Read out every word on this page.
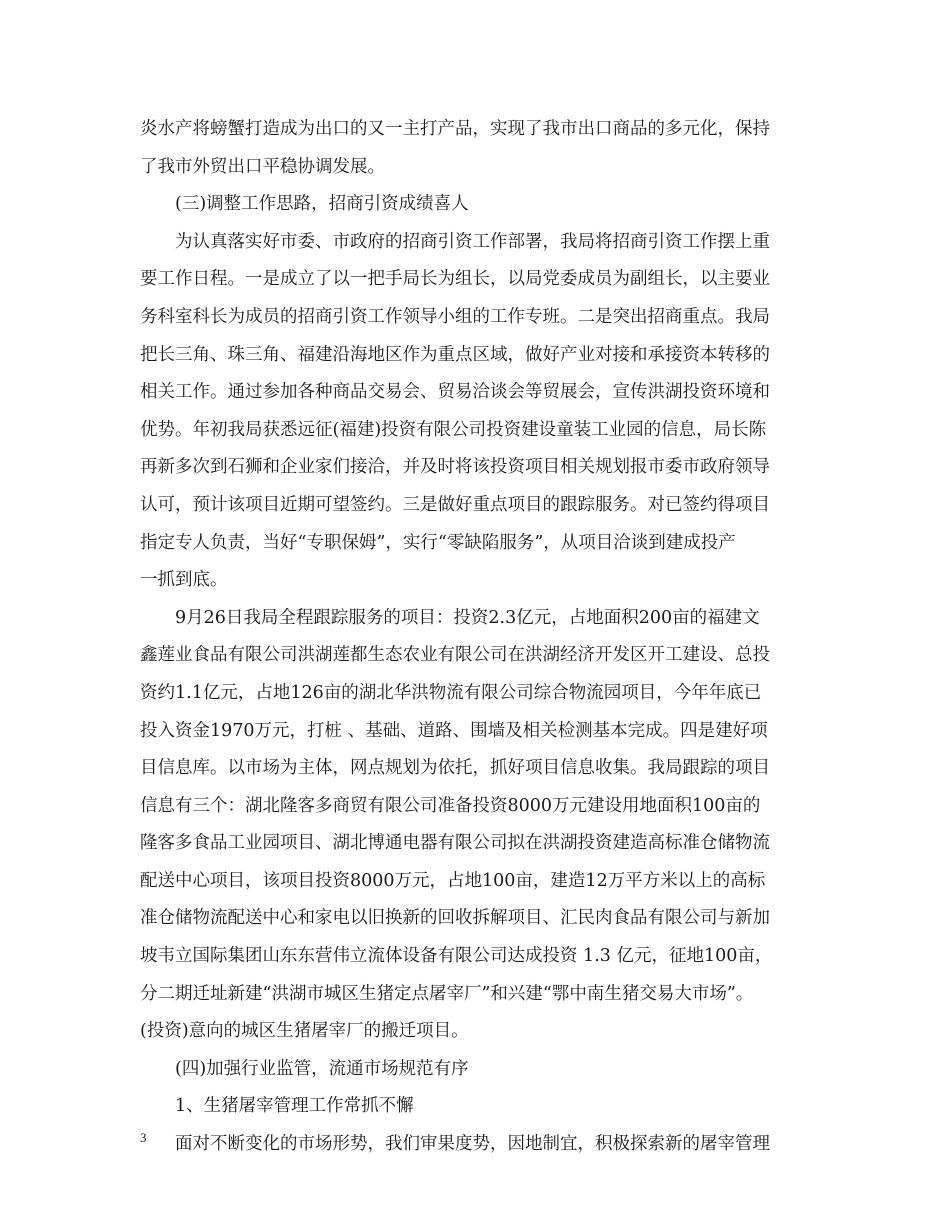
炎水产将螃蟹打造成为出口的又一主打产品，实现了我市出口商品的多元化，保持
了我市外贸出口平稳协调发展。
(三)调整工作思路，招商引资成绩喜人
为认真落实好市委、市政府的招商引资工作部署，我局将招商引资工作摆上重
要工作日程。一是成立了以一把手局长为组长，以局党委成员为副组长，以主要业
务科室科长为成员的招商引资工作领导小组的工作专班。二是突出招商重点。我局
把长三角、珠三角、福建沿海地区作为重点区域，做好产业对接和承接资本转移的
相关工作。通过参加各种商品交易会、贸易洽谈会等贸展会，宣传洪湖投资环境和
优势。年初我局获悉远征(福建)投资有限公司投资建设童装工业园的信息，局长陈
再新多次到石狮和企业家们接洽，并及时将该投资项目相关规划报市委市政府领导
认可，预计该项目近期可望签约。三是做好重点项目的跟踪服务。对已签约得项目
指定专人负责，当好“专职保姆”，实行“零缺陷服务”，从项目洽谈到建成投产
一抓到底。
9月26日我局全程跟踪服务的项目：投资2.3亿元，占地面积200亩的福建文
鑫莲业食品有限公司洪湖莲都生态农业有限公司在洪湖经济开发区开工建设、总投
资约1.1亿元，占地126亩的湖北华洪物流有限公司综合物流园项目，今年年底已
投入资金1970万元，打桩 、基础、道路、围墙及相关检测基本完成。四是建好项
目信息库。以市场为主体，网点规划为依托，抓好项目信息收集。我局跟踪的项目
信息有三个：湖北隆客多商贸有限公司准备投资8000万元建设用地面积100亩的
隆客多食品工业园项目、湖北博通电器有限公司拟在洪湖投资建造高标准仓储物流
配送中心项目，该项目投资8000万元，占地100亩，建造12万平方米以上的高标
准仓储物流配送中心和家电以旧换新的回收拆解项目、汇民肉食品有限公司与新加
坡韦立国际集团山东东营伟立流体设备有限公司达成投资 1.3 亿元，征地100亩，
分二期迁址新建“洪湖市城区生猪定点屠宰厂”和兴建“鄂中南生猪交易大市场”。
(投资)意向的城区生猪屠宰厂的搬迁项目。
(四)加强行业监管，流通市场规范有序
1、生猪屠宰管理工作常抓不懈
面对不断变化的市场形势，我们审果度势，因地制宜，积极探索新的屠宰管理
3
